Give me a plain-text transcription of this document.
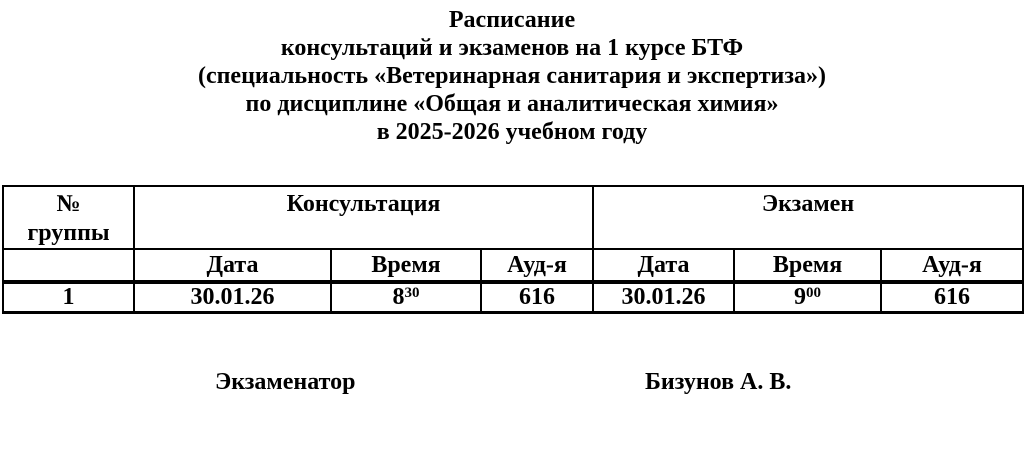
Расписание
консультаций и экзаменов на 1 курсе БТФ
(специальность «Ветеринарная санитария и экспертиза»)
по дисциплине «Общая и аналитическая химия»
в 2025-2026 учебном году
№
группы	Консультация			Экзамен		
	Дата	Время	Ауд-я	Дата	Время	Ауд-я
1	30.01.26	$8^{30}$	616	30.01.26	$9^{00}$	616
Экзаменатор	Бизунов А. В.
